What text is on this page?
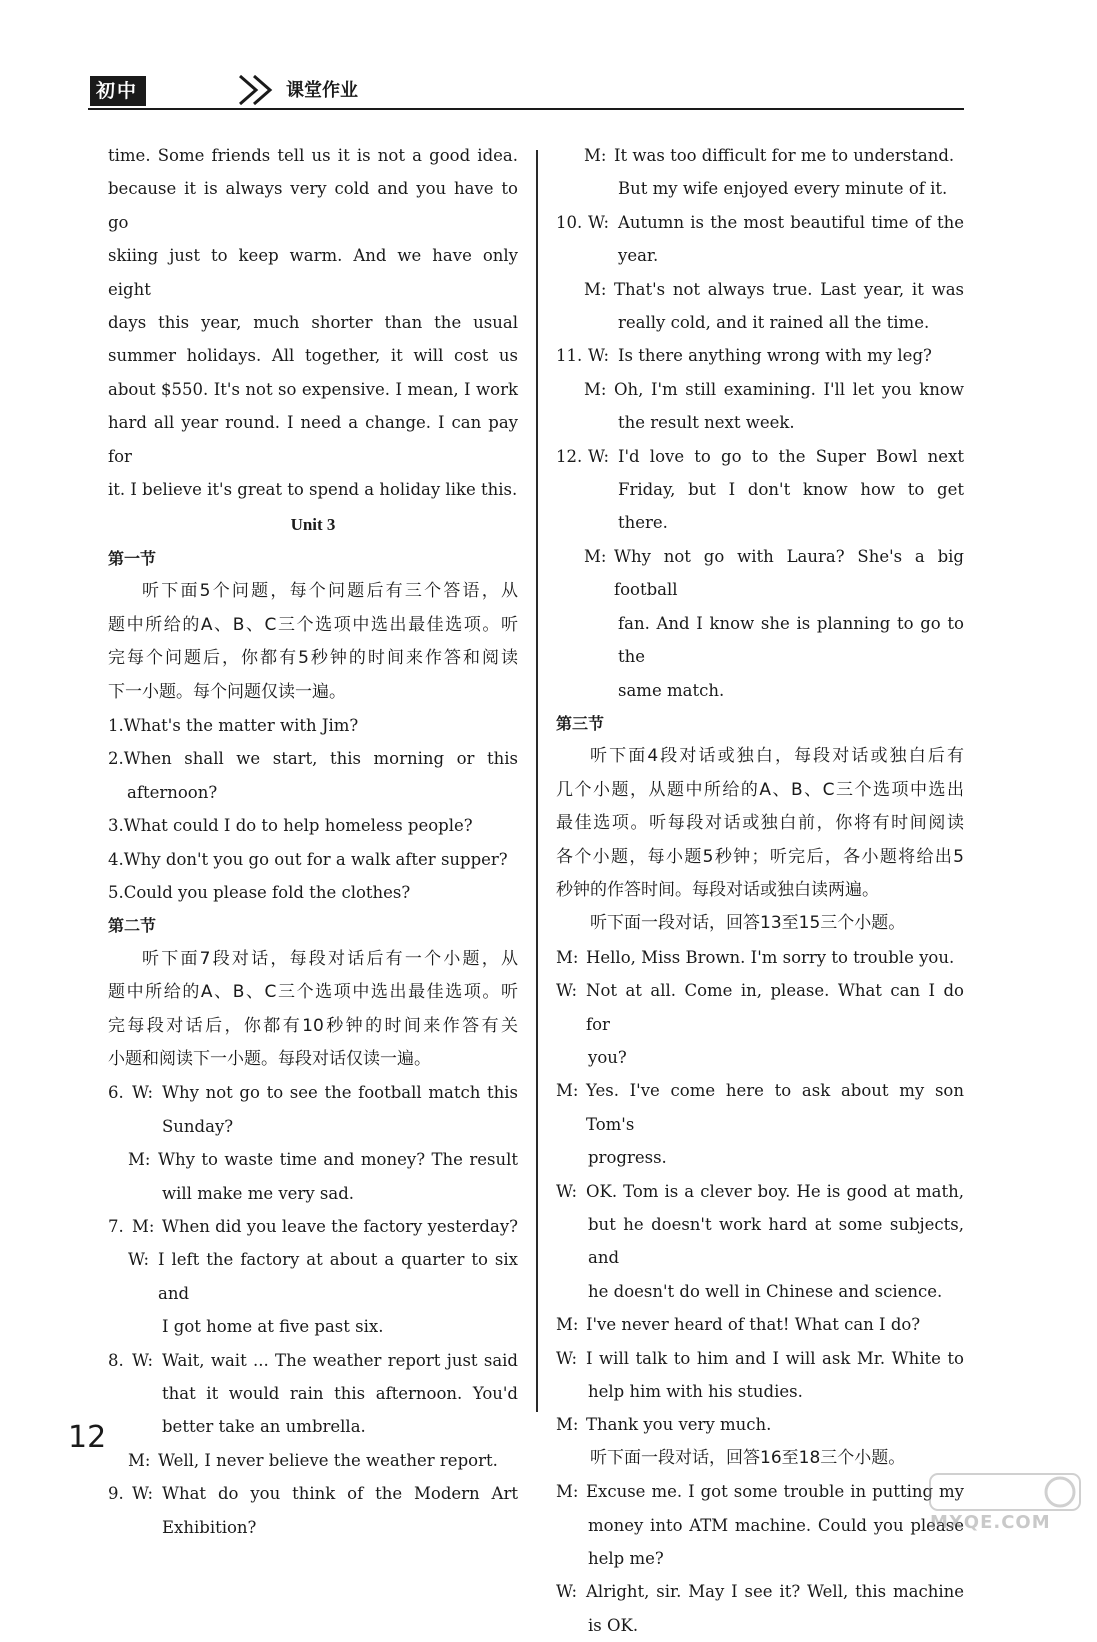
初中	课堂作业
time. Some friends tell us it is not a good idea.
because it is always very cold and you have to go
skiing just to keep warm. And we have only eight
days this year, much shorter than the usual
summer holidays. All together, it will cost us
about $550. It's not so expensive. I mean, I work
hard all year round. I need a change. I can pay for
it. I believe it's great to spend a holiday like this.
Unit 3
第一节
听下面5个问题，每个问题后有三个答语，从
题中所给的A、B、C三个选项中选出最佳选项。听
完每个问题后，你都有5秒钟的时间来作答和阅读
下一小题。每个问题仅读一遍。
1.What's the matter with Jim?
2.When shall we start, this morning or this
afternoon?
3.What could I do to help homeless people?
4.Why don't you go out for a walk after supper?
5.Could you please fold the clothes?
第二节
听下面7段对话，每段对话后有一个小题，从
题中所给的A、B、C三个选项中选出最佳选项。听
完每段对话后，你都有10秒钟的时间来作答有关
小题和阅读下一小题。每段对话仅读一遍。
6. W: Why not go to see the football match this
Sunday?
M: Why to waste time and money? The result
will make me very sad.
7. M: When did you leave the factory yesterday?
W: I left the factory at about a quarter to six and
I got home at five past six.
8. W: Wait, wait ... The weather report just said
that it would rain this afternoon. You'd
better take an umbrella.
M: Well, I never believe the weather report.
9. W: What do you think of the Modern Art
Exhibition?
M: It was too difficult for me to understand.
But my wife enjoyed every minute of it.
10. W: Autumn is the most beautiful time of the
year.
M: That's not always true. Last year, it was
really cold, and it rained all the time.
11. W: Is there anything wrong with my leg?
M: Oh, I'm still examining. I'll let you know
the result next week.
12. W: I'd love to go to the Super Bowl next
Friday, but I don't know how to get there.
M: Why not go with Laura? She's a big football
fan. And I know she is planning to go to the
same match.
第三节
听下面4段对话或独白，每段对话或独白后有
几个小题，从题中所给的A、B、C三个选项中选出
最佳选项。听每段对话或独白前，你将有时间阅读
各个小题，每小题5秒钟；听完后，各小题将给出5
秒钟的作答时间。每段对话或独白读两遍。
听下面一段对话，回答13至15三个小题。
M: Hello, Miss Brown. I'm sorry to trouble you.
W: Not at all. Come in, please. What can I do for
you?
M: Yes. I've come here to ask about my son Tom's
progress.
W: OK. Tom is a clever boy. He is good at math,
but he doesn't work hard at some subjects, and
he doesn't do well in Chinese and science.
M: I've never heard of that! What can I do?
W: I will talk to him and I will ask Mr. White to
help him with his studies.
M: Thank you very much.
听下面一段对话，回答16至18三个小题。
M: Excuse me. I got some trouble in putting my
money into ATM machine. Could you please
help me?
W: Alright, sir. May I see it? Well, this machine
is OK.
12
MXQE.COM
